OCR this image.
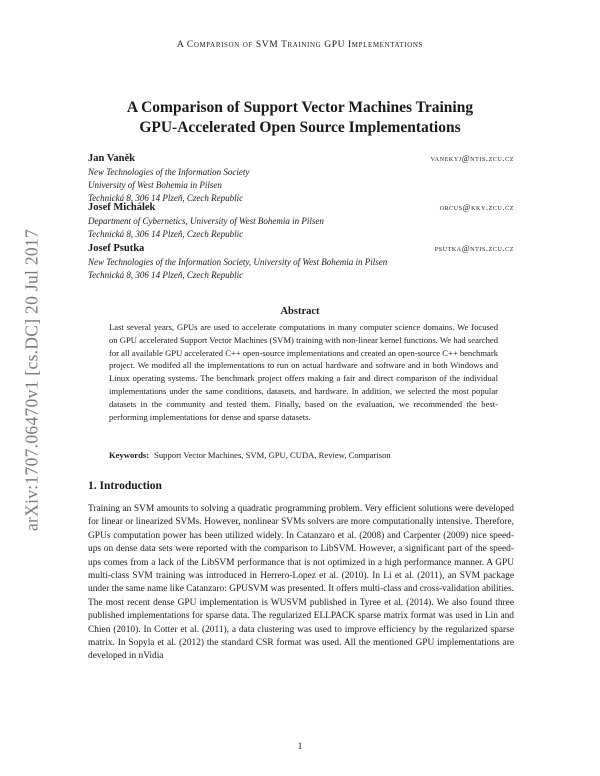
A Comparison of SVM Training GPU Implementations
arXiv:1707.06470v1 [cs.DC] 20 Jul 2017
A Comparison of Support Vector Machines Training
GPU-Accelerated Open Source Implementations
Jan Vaněk	vanekyj@ntis.zcu.cz
New Technologies of the Information Society
University of West Bohemia in Pilsen
Technická 8, 306 14 Plzeň, Czech Republic
Josef Michálek	orcus@kky.zcu.cz
Department of Cybernetics, University of West Bohemia in Pilsen
Technická 8, 306 14 Plzeň, Czech Republic
Josef Psutka	psutka@ntis.zcu.cz
New Technologies of the Information Society, University of West Bohemia in Pilsen
Technická 8, 306 14 Plzeň, Czech Republic
Abstract
Last several years, GPUs are used to accelerate computations in many computer science domains. We focused on GPU accelerated Support Vector Machines (SVM) training with non-linear kernel functions. We had searched for all available GPU accelerated C++ open-source implementations and created an open-source C++ benchmark project. We modifed all the implementations to run on actual hardware and software and in both Windows and Linux operating systems. The benchmark project offers making a fair and direct comparison of the individual implementations under the same conditions, datasets, and hardware. In addition, we selected the most popular datasets in the community and tested them. Finally, based on the evaluation, we recommended the best-performing implementations for dense and sparse datasets.
Keywords: Support Vector Machines, SVM, GPU, CUDA, Review, Comparison
1. Introduction
Training an SVM amounts to solving a quadratic programming problem. Very efficient solutions were developed for linear or linearized SVMs. However, nonlinear SVMs solvers are more computationally intensive. Therefore, GPUs computation power has been utilized widely. In Catanzaro et al. (2008) and Carpenter (2009) nice speed-ups on dense data sets were reported with the comparison to LibSVM. However, a significant part of the speed-ups comes from a lack of the LibSVM performance that is not optimized in a high performance manner. A GPU multi-class SVM training was introduced in Herrero-Lopez et al. (2010). In Li et al. (2011), an SVM package under the same name like Catanzaro: GPUSVM was presented. It offers multi-class and cross-validation abilities. The most recent dense GPU implementation is WUSVM published in Tyree et al. (2014). We also found three published implementations for sparse data. The regularized ELLPACK sparse matrix format was used in Lin and Chien (2010). In Cotter et al. (2011), a data clustering was used to improve efficiency by the regularized sparse matrix. In Sopyla et al. (2012) the standard CSR format was used. All the mentioned GPU implementations are developed in nVidia
1
